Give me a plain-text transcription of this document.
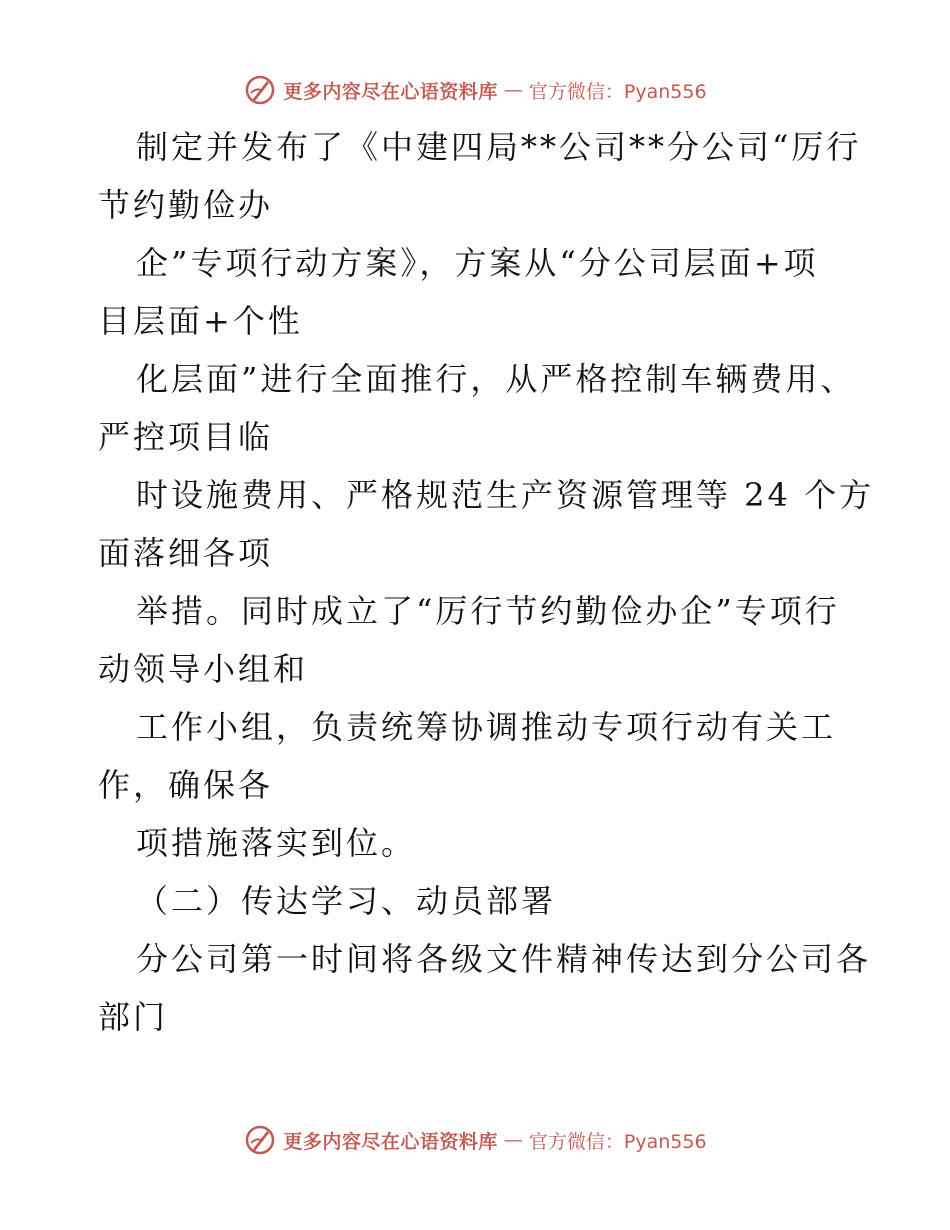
更多内容尽在心语资料库 — 官方微信：Pyan556
制定并发布了《中建四局**公司**分公司“厉行
节约勤俭办
企”专项行动方案》，方案从“分公司层面+项
目层面+个性
化层面”进行全面推行，从严格控制车辆费用、
严控项目临
时设施费用、严格规范生产资源管理等 24 个方
面落细各项
举措。同时成立了“厉行节约勤俭办企”专项行
动领导小组和
工作小组，负责统筹协调推动专项行动有关工
作，确保各
项措施落实到位。
（二）传达学习、动员部署
分公司第一时间将各级文件精神传达到分公司各
部门
更多内容尽在心语资料库 — 官方微信：Pyan556
